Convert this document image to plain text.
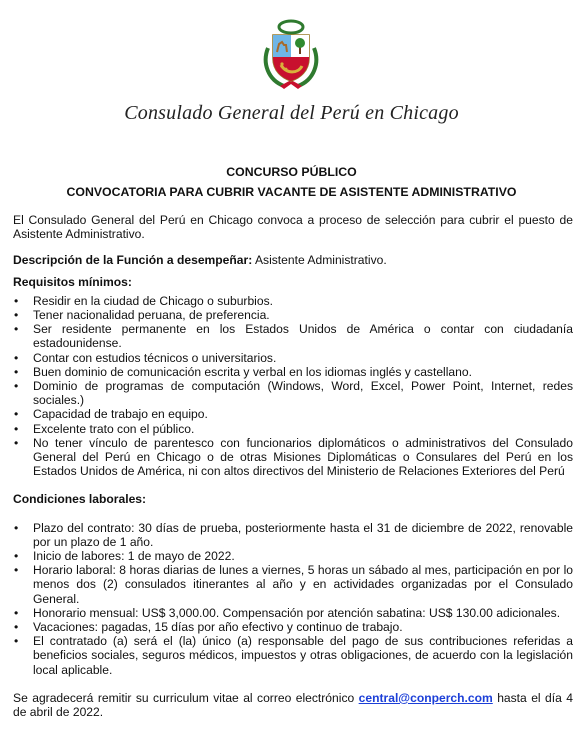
Consulado General del Perú en Chicago
CONCURSO PÚBLICO
CONVOCATORIA PARA CUBRIR VACANTE DE ASISTENTE ADMINISTRATIVO

El Consulado General del Perú en Chicago convoca a proceso de selección para cubrir el puesto de Asistente Administrativo.

Descripción de la Función a desempeñar: Asistente Administrativo.

Requisitos mínimos:

• Residir en la ciudad de Chicago o suburbios.
• Tener nacionalidad peruana, de preferencia.
• Ser residente permanente en los Estados Unidos de América o contar con ciudadanía estadounidense.
• Contar con estudios técnicos o universitarios.
• Buen dominio de comunicación escrita y verbal en los idiomas inglés y castellano.
• Dominio de programas de computación (Windows, Word, Excel, Power Point, Internet, redes sociales.)
• Capacidad de trabajo en equipo.
• Excelente trato con el público.
• No tener vínculo de parentesco con funcionarios diplomáticos o administrativos del Consulado General del Perú en Chicago o de otras Misiones Diplomáticas o Consulares del Perú en los Estados Unidos de América, ni con altos directivos del Ministerio de Relaciones Exteriores del Perú

Condiciones laborales:

• Plazo del contrato: 30 días de prueba, posteriormente hasta el 31 de diciembre de 2022, renovable por un plazo de 1 año.
• Inicio de labores: 1 de mayo de 2022.
• Horario laboral: 8 horas diarias de lunes a viernes, 5 horas un sábado al mes, participación en por lo menos dos (2) consulados itinerantes al año y en actividades organizadas por el Consulado General.
• Honorario mensual: US$ 3,000.00. Compensación por atención sabatina: US$ 130.00 adicionales.
• Vacaciones: pagadas, 15 días por año efectivo y continuo de trabajo.
• El contratado (a) será el (la) único (a) responsable del pago de sus contribuciones referidas a beneficios sociales, seguros médicos, impuestos y otras obligaciones, de acuerdo con la legislación local aplicable.

Se agradecerá remitir su curriculum vitae al correo electrónico central@conperch.com hasta el día 4 de abril de 2022.
